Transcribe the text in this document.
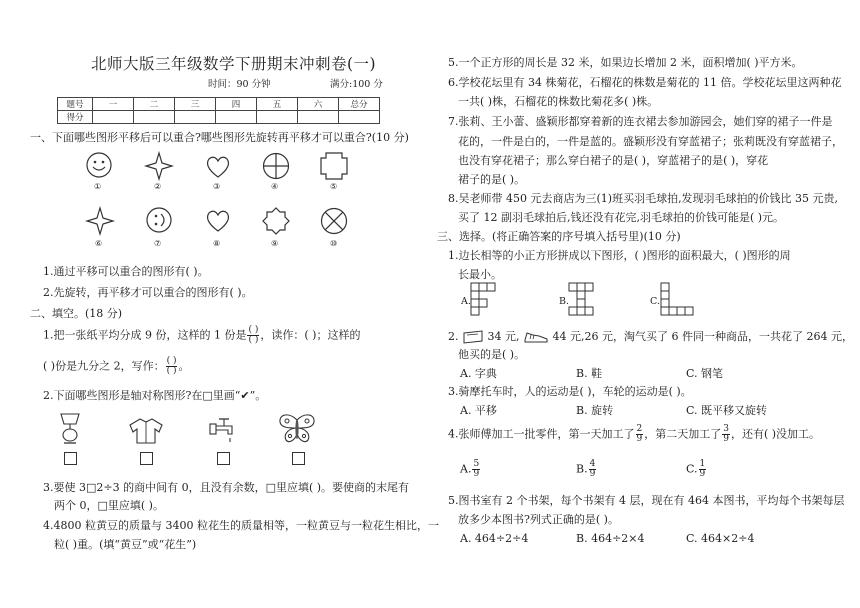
北师大版三年级数学下册期末冲刺卷(一)
时间：90 分钟	满分:100 分
题号	一	二	三	四	五	六	总分
得分							
一、下面哪些图形平移后可以重合?哪些图形先旋转再平移才可以重合?(10 分)
①	②	③	④	⑤
⑥	⑦	⑧	⑨	⑩
1.通过平移可以重合的图形有( )。
2.先旋转，再平移才可以重合的图形有( )。
二、填空。(18 分)
1.把一张纸平均分成 9 份，这样的 1 份是 $\frac{( )}{( )}$ ，读作：( )；这样的
( )份是九分之 2，写作： $\frac{( )}{( )}$ 。
2.下面哪些图形是轴对称图形?在□里画“✔”。
3.要使 3□2÷3 的商中间有 0，且没有余数，□里应填( )。要使商的末尾有
两个 0，□里应填( )。
4.4800 粒黄豆的质量与 3400 粒花生的质量相等，一粒黄豆与一粒花生相比，一
粒( )重。(填“黄豆”或“花生”)
5.一个正方形的周长是 32 米，如果边长增加 2 米，面积增加( )平方米。
6.学校花坛里有 34 株菊花，石榴花的株数是菊花的 11 倍。学校花坛里这两种花
一共( )株，石榴花的株数比菊花多( )株。
7.张莉、王小蕾、盛颖形都穿着新的连衣裙去参加游园会，她们穿的裙子一件是
花的，一件是白的，一件是蓝的。盛颖形没有穿蓝裙子；张莉既没有穿蓝裙子，
也没有穿花裙子；那么穿白裙子的是( )，穿蓝裙子的是( )，穿花
裙子的是( )。
8.吴老师带 450 元去商店为三(1)班买羽毛球拍,发现羽毛球拍的价钱比 35 元贵,
买了 12 副羽毛球拍后,钱还没有花完,羽毛球拍的价钱可能是( )元。
三、选择。(将正确答案的序号填入括号里)(10 分)
1.边长相等的小正方形拼成以下图形，( )图形的面积最大，( )图形的周
长最小。
A.	B.	C.
2.	34 元,	44 元,26 元，淘气买了 6 件同一种商品，一共花了 264 元，
他买的是( )。
A. 字典	B. 鞋	C. 钢笔
3.骑摩托车时，人的运动是( )，车轮的运动是( )。
A. 平移	B. 旋转	C. 既平移又旋转
4.张师傅加工一批零件，第一天加工了 $\frac{2}{9}$ ，第二天加工了 $\frac{3}{9}$ ，还有( )没加工。
A. $\frac{5}{9}$	B. $\frac{4}{9}$	C. $\frac{1}{9}$
5.图书室有 2 个书架，每个书架有 4 层，现在有 464 本图书，平均每个书架每层
放多少本图书?列式正确的是( )。
A. 464÷2÷4	B. 464÷2×4	C. 464×2÷4
